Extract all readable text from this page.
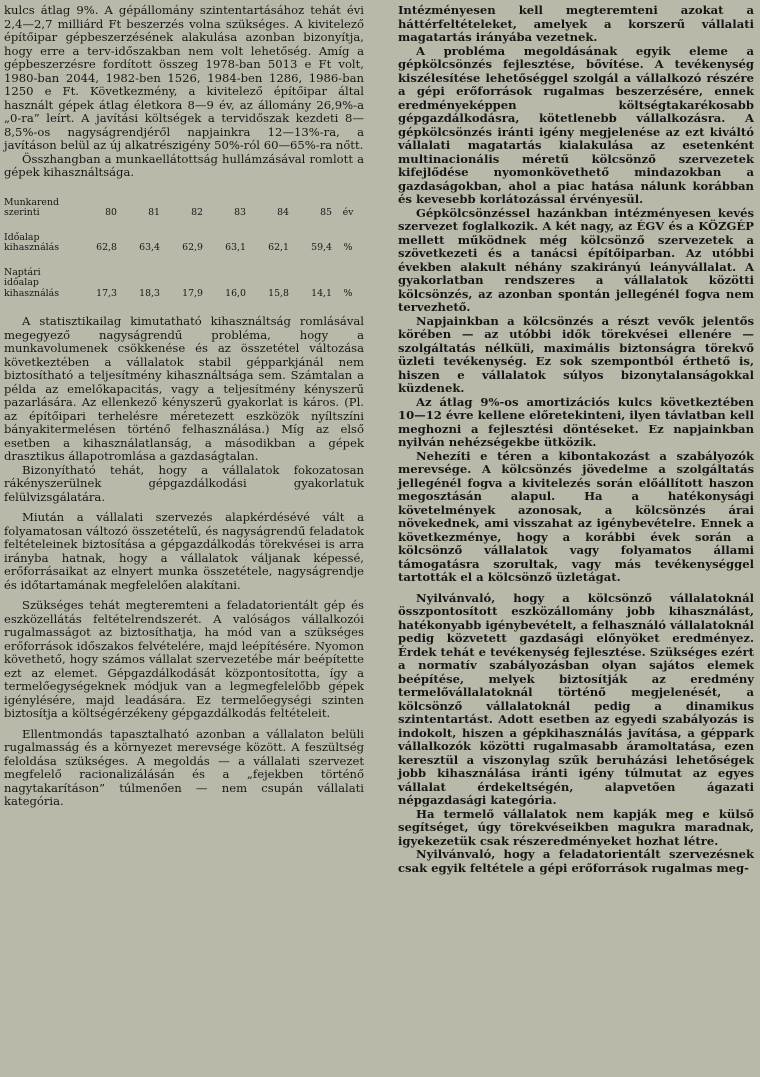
kulcs átlag 9%. A gépállomány szintentartásához tehát évi 2,4—2,7 milliárd Ft beszerzés volna szükséges. A kivitelező építőipar gépbeszerzésének alakulása azonban bizonyítja, hogy erre a terv-időszakban nem volt lehetőség. Amíg a gépbeszerzésre fordított összeg 1978-ban 5013 e Ft volt, 1980-ban 2044, 1982-ben 1526, 1984-ben 1286, 1986-ban 1250 e Ft. Következmény, a kivitelező építőipar által használt gépek átlag életkora 8—9 év, az állomány 26,9%-a „0-ra” leírt. A javítási költségek a tervidőszak kezdeti 8—8,5%-os nagyságrendjéről napjainkra 12—13%-ra, a javításon belül az új alkatrészigény 50%-ról 60—65%-ra nőtt.

Összhangban a munkaellátottság hullámzásával romlott a gépek kihasználtsága.

Munkarend szerinti	80	81	82	83	84	85	év

Időalap kihasználás	62,8	63,4	62,9	63,1	62,1	59,4	%

Naptári időalap kihasználás	17,3	18,3	17,9	16,0	15,8	14,1	%

A statisztikailag kimutatható kihasználtság romlásával megegyező nagyságrendű probléma, hogy a munkavolumenek csökkenése és az összetétel változása következtében a vállalatok stabil gépparkjánál nem biztosítható a teljesítmény kihasználtsága sem. Számtalan a példa az emelőkapacitás, vagy a teljesítmény kényszerű pazarlására. Az ellenkező kényszerű gyakorlat is káros. (Pl. az építőipari terhelésre méretezett eszközök nyíltszíni bányakitermelésen történő felhasználása.) Míg az első esetben a kihasználatlanság, a másodikban a gépek drasztikus állapotromlása a gazdaságtalan.

Bizonyítható tehát, hogy a vállalatok fokozatosan rákényszerülnek gépgazdálkodási gyakorlatuk felülvizsgálatára.

Miután a vállalati szervezés alapkérdésévé vált a folyamatosan változó összetételű, és nagyságrendű feladatok feltételeinek biztosítása a gépgazdálkodás törekvései is arra irányba hatnak, hogy a vállalatok váljanak képessé, erőforrásaikat az elnyert munka összetétele, nagyságrendje és időtartamának megfelelően alakítani.

Szükséges tehát megteremteni a feladatorientált gép és eszközellátás feltételrendszerét. A valóságos vállalkozói rugalmasságot az biztosíthatja, ha mód van a szükséges erőforrások időszakos felvételére, majd leépítésére. Nyomon követhető, hogy számos vállalat szervezetébe már beépítette ezt az elemet. Gépgazdálkodását központosította, így a termelőegységeknek módjuk van a legmegfelelőbb gépek igénylésére, majd leadására. Ez termelőegységi szinten biztosítja a költségérzékeny gépgazdálkodás feltételeit.

Ellentmondás tapasztalható azonban a vállalaton belüli rugalmasság és a környezet merevsége között. A feszültség feloldása szükséges. A megoldás — a vállalati szervezet megfelelő racionalizálásán és a „fejekben történő nagytakarításon” túlmenően — nem csupán vállalati kategória.

Intézményesen kell megteremteni azokat a háttérfeltételeket, amelyek a korszerű vállalati magatartás irányába vezetnek.

A probléma megoldásának egyik eleme a gépkölcsönzés fejlesztése, bővítése. A tevékenység kiszélesítése lehetőséggel szolgál a vállalkozó részére a gépi erőforrások rugalmas beszerzésére, ennek eredményeképpen költségtakarékosabb gépgazdálkodásra, kötetlenebb vállalkozásra. A gépkölcsönzés iránti igény megjelenése az ezt kiváltó vállalati magatartás kialakulása az esetenként multinacionális méretű kölcsönző szervezetek kifejlődése nyomonkövethető mindazokban a gazdaságokban, ahol a piac hatása nálunk korábban és kevesebb korlátozással érvényesül.

Gépkölcsönzéssel hazánkban intézményesen kevés szervezet foglalkozik. A két nagy, az ÉGV és a KÖZGÉP mellett működnek még kölcsönző szervezetek a szövetkezeti és a tanácsi építőiparban. Az utóbbi években alakult néhány szakirányú leányvállalat. A gyakorlatban rendszeres a vállalatok közötti kölcsönzés, az azonban spontán jellegénél fogva nem tervezhető.

Napjainkban a kölcsönzés a részt vevők jelentős körében — az utóbbi idők törekvései ellenére — szolgáltatás nélküli, maximális biztonságra törekvő üzleti tevékenység. Ez sok szempontból érthető is, hiszen e vállalatok súlyos bizonytalanságokkal küzdenek.

Az átlag 9%-os amortizációs kulcs következtében 10—12 évre kellene előretekinteni, ilyen távlatban kell meghozni a fejlesztési döntéseket. Ez napjainkban nyilván nehézségekbe ütközik.

Nehezíti e téren a kibontakozást a szabályozók merevsége. A kölcsönzés jövedelme a szolgáltatás jellegénél fogva a kivitelezés során előállított haszon megosztásán alapul. Ha a hatékonysági követelmények azonosak, a kölcsönzés árai növekednek, ami visszahat az igénybevételre. Ennek a következménye, hogy a korábbi évek során a kölcsönző vállalatok vagy folyamatos állami támogatásra szorultak, vagy más tevékenységgel tartották el a kölcsönző üzletágat.

Nyilvánvaló, hogy a kölcsönző vállalatoknál összpontosított eszközállomány jobb kihasználást, hatékonyabb igénybevételt, a felhasználó vállalatoknál pedig közvetett gazdasági előnyöket eredményez. Érdek tehát e tevékenység fejlesztése. Szükséges ezért a normatív szabályozásban olyan sajátos elemek beépítése, melyek biztosítják az eredmény termelővállalatoknál történő megjelenését, a kölcsönző vállalatoknál pedig a dinamikus szintentartást. Adott esetben az egyedi szabályozás is indokolt, hiszen a gépkihasználás javítása, a géppark vállalkozók közötti rugalmasabb áramoltatása, ezen keresztül a viszonylag szűk beruházási lehetőségek jobb kihasználása iránti igény túlmutat az egyes vállalat érdekeltségén, alapvetően ágazati népgazdasági kategória.

Ha termelő vállalatok nem kapják meg e külső segítséget, úgy törekvéseikben magukra maradnak, igyekezetük csak részeredményeket hozhat létre.

Nyilvánvaló, hogy a feladatorientált szervezésnek csak egyik feltétele a gépi erőforrások rugalmas meg-
